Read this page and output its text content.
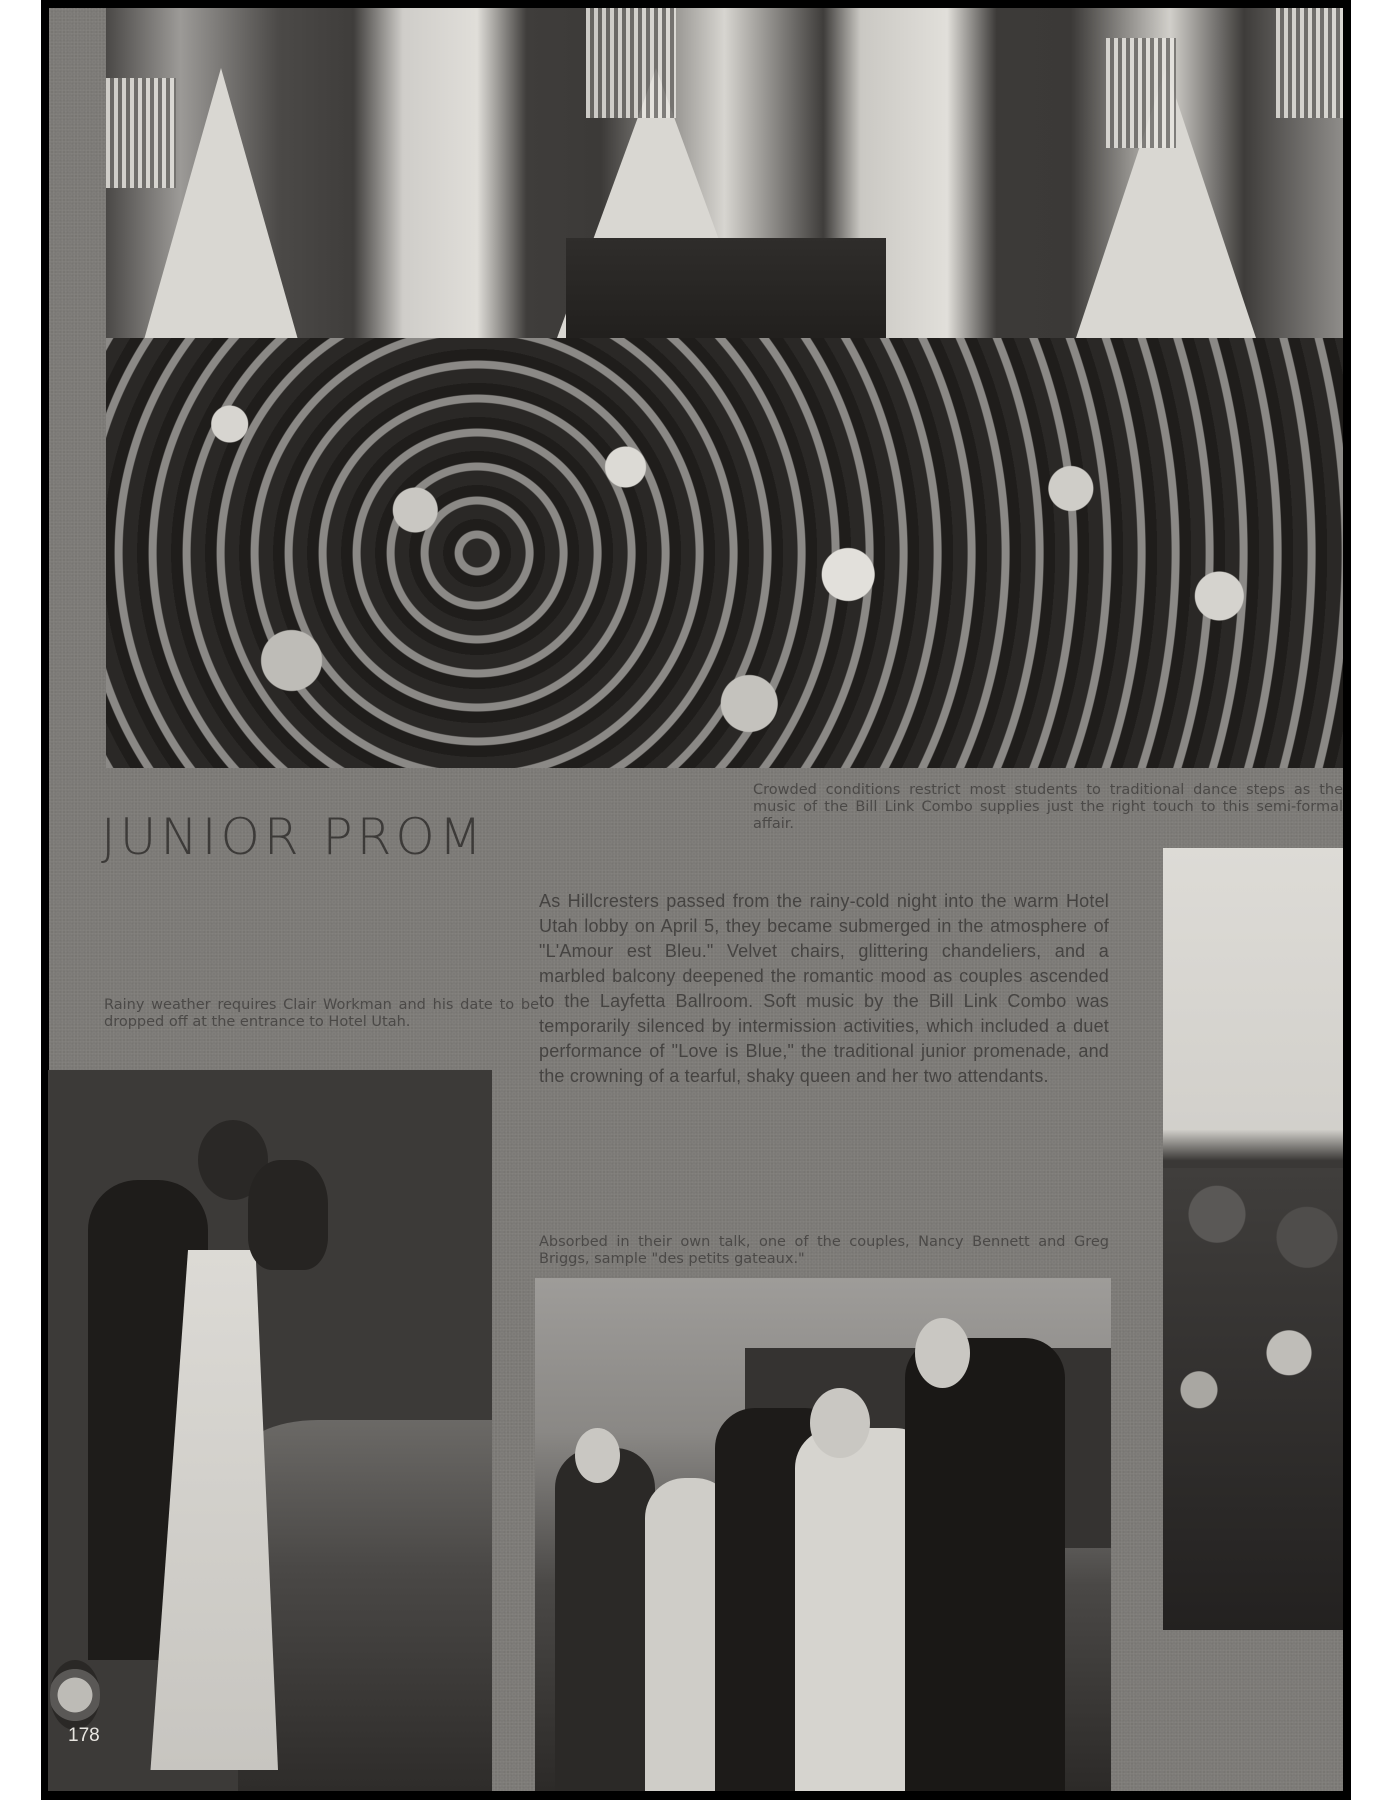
JUNIOR PROM
Crowded conditions restrict most students to traditional dance steps as the music of the Bill Link Combo supplies just the right touch to this semi-formal affair.
As Hillcresters passed from the rainy-cold night into the warm Hotel Utah lobby on April 5, they became submerged in the atmosphere of "L'Amour est Bleu." Velvet chairs, glittering chandeliers, and a marbled balcony deepened the romantic mood as couples ascended to the Layfetta Ballroom. Soft music by the Bill Link Combo was temporarily silenced by intermission activities, which included a duet performance of "Love is Blue," the traditional junior promenade, and the crowning of a tearful, shaky queen and her two attendants.
Rainy weather requires Clair Workman and his date to be dropped off at the entrance to Hotel Utah.
178
Absorbed in their own talk, one of the couples, Nancy Bennett and Greg Briggs, sample "des petits gateaux."
